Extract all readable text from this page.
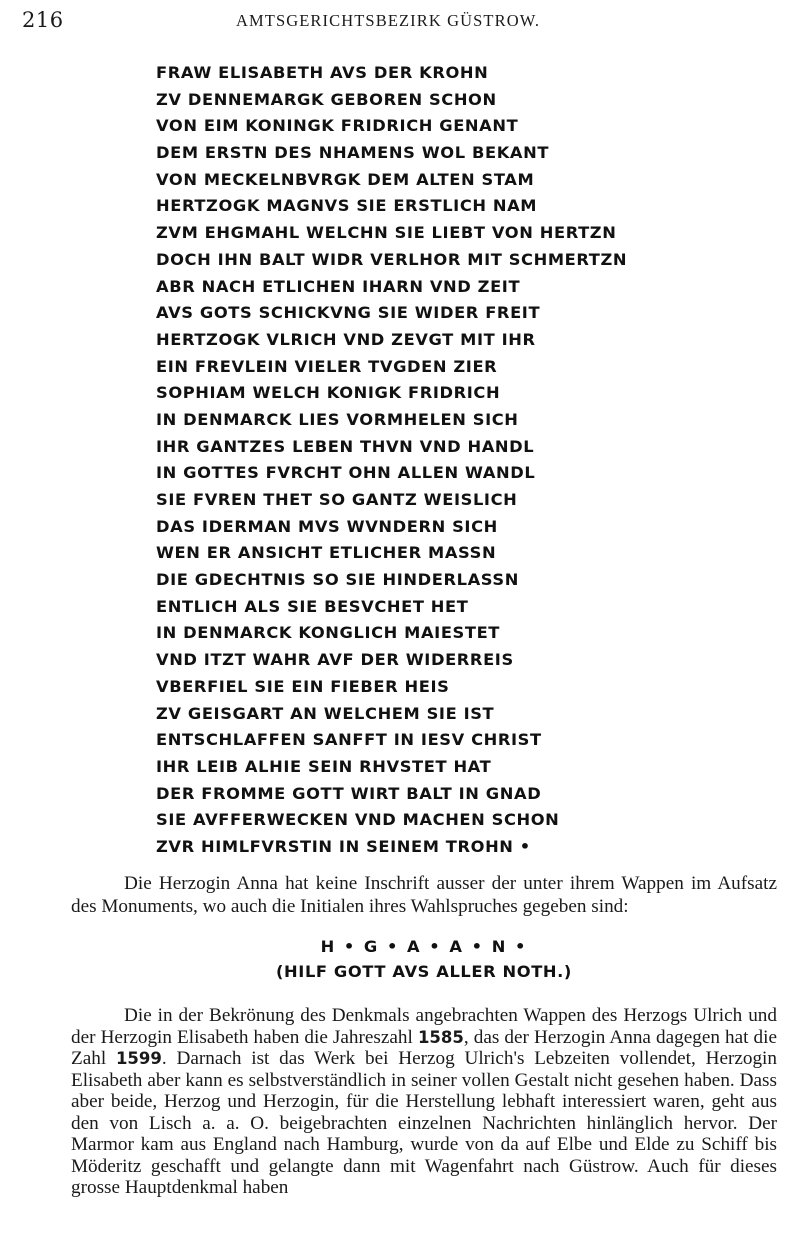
216	AMTSGERICHTSBEZIRK GÜSTROW.
FRAW ELISABETH AVS DER KROHN
ZV DENNEMARGK GEBOREN SCHON
VON EIM KONINGK FRIDRICH GENANT
DEM ERSTN DES NHAMENS WOL BEKANT
VON MECKELNBVRGK DEM ALTEN STAM
HERTZOGK MAGNVS SIE ERSTLICH NAM
ZVM EHGMAHL WELCHN SIE LIEBT VON HERTZN
DOCH IHN BALT WIDR VERLHOR MIT SCHMERTZN
ABR NACH ETLICHEN IHARN VND ZEIT
AVS GOTS SCHICKVNG SIE WIDER FREIT
HERTZOGK VLRICH VND ZEVGT MIT IHR
EIN FREVLEIN VIELER TVGDEN ZIER
SOPHIAM WELCH KONIGK FRIDRICH
IN DENMARCK LIES VORMHELEN SICH
IHR GANTZES LEBEN THVN VND HANDL
IN GOTTES FVRCHT OHN ALLEN WANDL
SIE FVREN THET SO GANTZ WEISLICH
DAS IDERMAN MVS WVNDERN SICH
WEN ER ANSICHT ETLICHER MASSN
DIE GDECHTNIS SO SIE HINDERLASSN
ENTLICH ALS SIE BESVCHET HET
IN DENMARCK KONGLICH MAIESTET
VND ITZT WAHR AVF DER WIDERREIS
VBERFIEL SIE EIN FIEBER HEIS
ZV GEISGART AN WELCHEM SIE IST
ENTSCHLAFFEN SANFFT IN IESV CHRIST
IHR LEIB ALHIE SEIN RHVSTET HAT
DER FROMME GOTT WIRT BALT IN GNAD
SIE AVFFERWECKEN VND MACHEN SCHON
ZVR HIMLFVRSTIN IN SEINEM TROHN •

Die Herzogin Anna hat keine Inschrift ausser der unter ihrem Wappen im Aufsatz des Monuments, wo auch die Initialen ihres Wahlspruches gegeben sind:

H • G • A • A • N •
(HILF GOTT AVS ALLER NOTH.)

Die in der Bekrönung des Denkmals angebrachten Wappen des Herzogs Ulrich und der Herzogin Elisabeth haben die Jahreszahl 1585, das der Herzogin Anna dagegen hat die Zahl 1599. Darnach ist das Werk bei Herzog Ulrich's Lebzeiten vollendet, Herzogin Elisabeth aber kann es selbstverständlich in seiner vollen Gestalt nicht gesehen haben. Dass aber beide, Herzog und Herzogin, für die Herstellung lebhaft interessiert waren, geht aus den von Lisch a. a. O. beigebrachten einzelnen Nachrichten hinlänglich hervor. Der Marmor kam aus England nach Hamburg, wurde von da auf Elbe und Elde zu Schiff bis Möderitz geschafft und gelangte dann mit Wagenfahrt nach Güstrow. Auch für dieses grosse Hauptdenkmal haben
